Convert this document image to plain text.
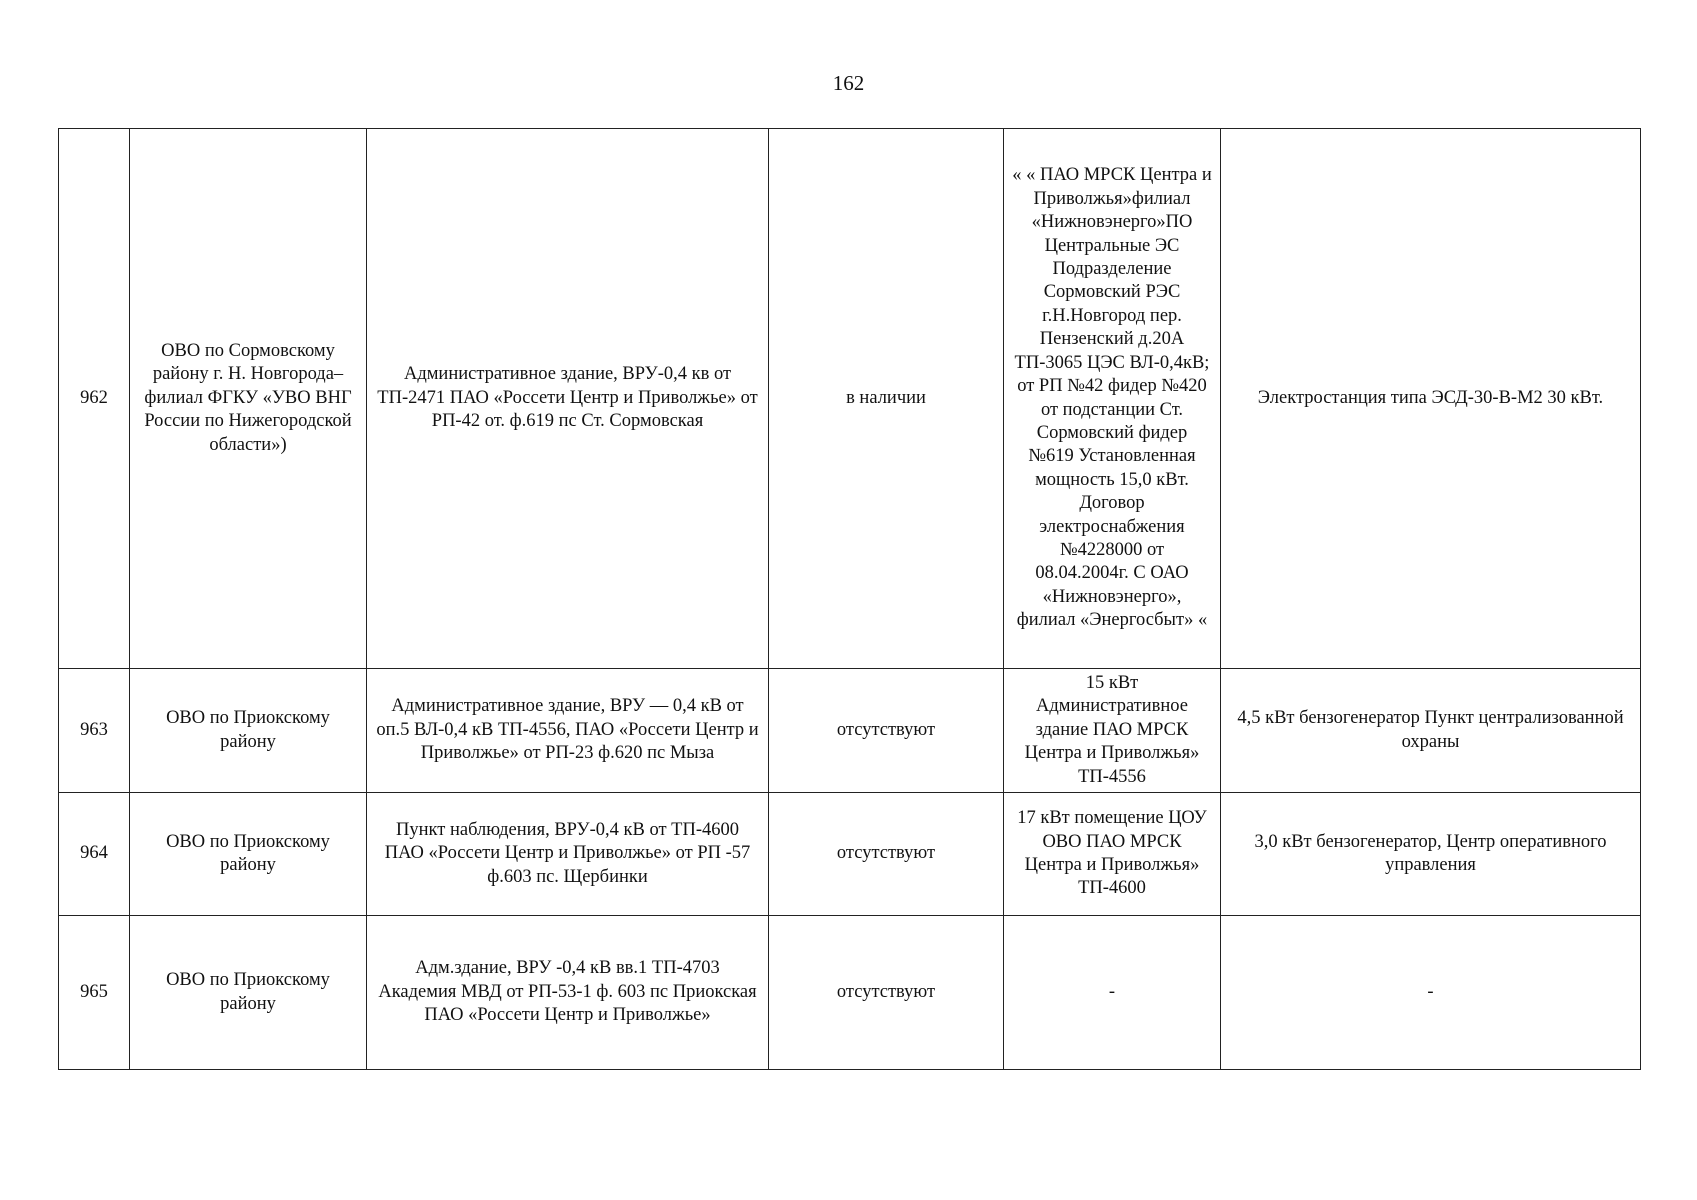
162
962	ОВО по Сормовскому району г. Н. Новгорода–филиал ФГКУ «УВО ВНГ России по Нижегородской области»)	Административное здание, ВРУ-0,4 кв от ТП-2471 ПАО «Россети Центр и Приволжье» от РП-42 от. ф.619 пс Ст. Сормовская	в наличии	« « ПАО МРСК Центра и Приволжья»филиал «Нижновэнерго»ПО Центральные ЭС Подразделение Сормовский РЭС г.Н.Новгород пер. Пензенский д.20А ТП-3065 ЦЭС ВЛ-0,4кВ; от РП №42 фидер №420 от подстанции Ст. Сормовский фидер №619 Установленная мощность 15,0 кВт. Договор электроснабжения №4228000 от 08.04.2004г. С ОАО «Нижновэнерго», филиал «Энергосбыт» «	Электростанция типа ЭСД-30-В-М2 30 кВт.
963	ОВО по Приокскому району	Административное здание, ВРУ — 0,4 кВ от оп.5 ВЛ-0,4 кВ ТП-4556, ПАО «Россети Центр и Приволжье» от РП-23 ф.620 пс Мыза	отсутствуют	15 кВт Административное здание ПАО МРСК Центра и Приволжья» ТП-4556	4,5 кВт бензогенератор Пункт централизованной охраны
964	ОВО по Приокскому району	Пункт наблюдения, ВРУ-0,4 кВ от ТП-4600 ПАО «Россети Центр и Приволжье» от РП -57 ф.603 пс. Щербинки	отсутствуют	17 кВт помещение ЦОУ ОВО ПАО МРСК Центра и Приволжья» ТП-4600	3,0 кВт бензогенератор, Центр оперативного управления
965	ОВО по Приокскому району	Адм.здание, ВРУ -0,4 кВ вв.1 ТП-4703 Академия МВД от РП-53-1 ф. 603 пс Приокская ПАО «Россети Центр и Приволжье»	отсутствуют	-	-
